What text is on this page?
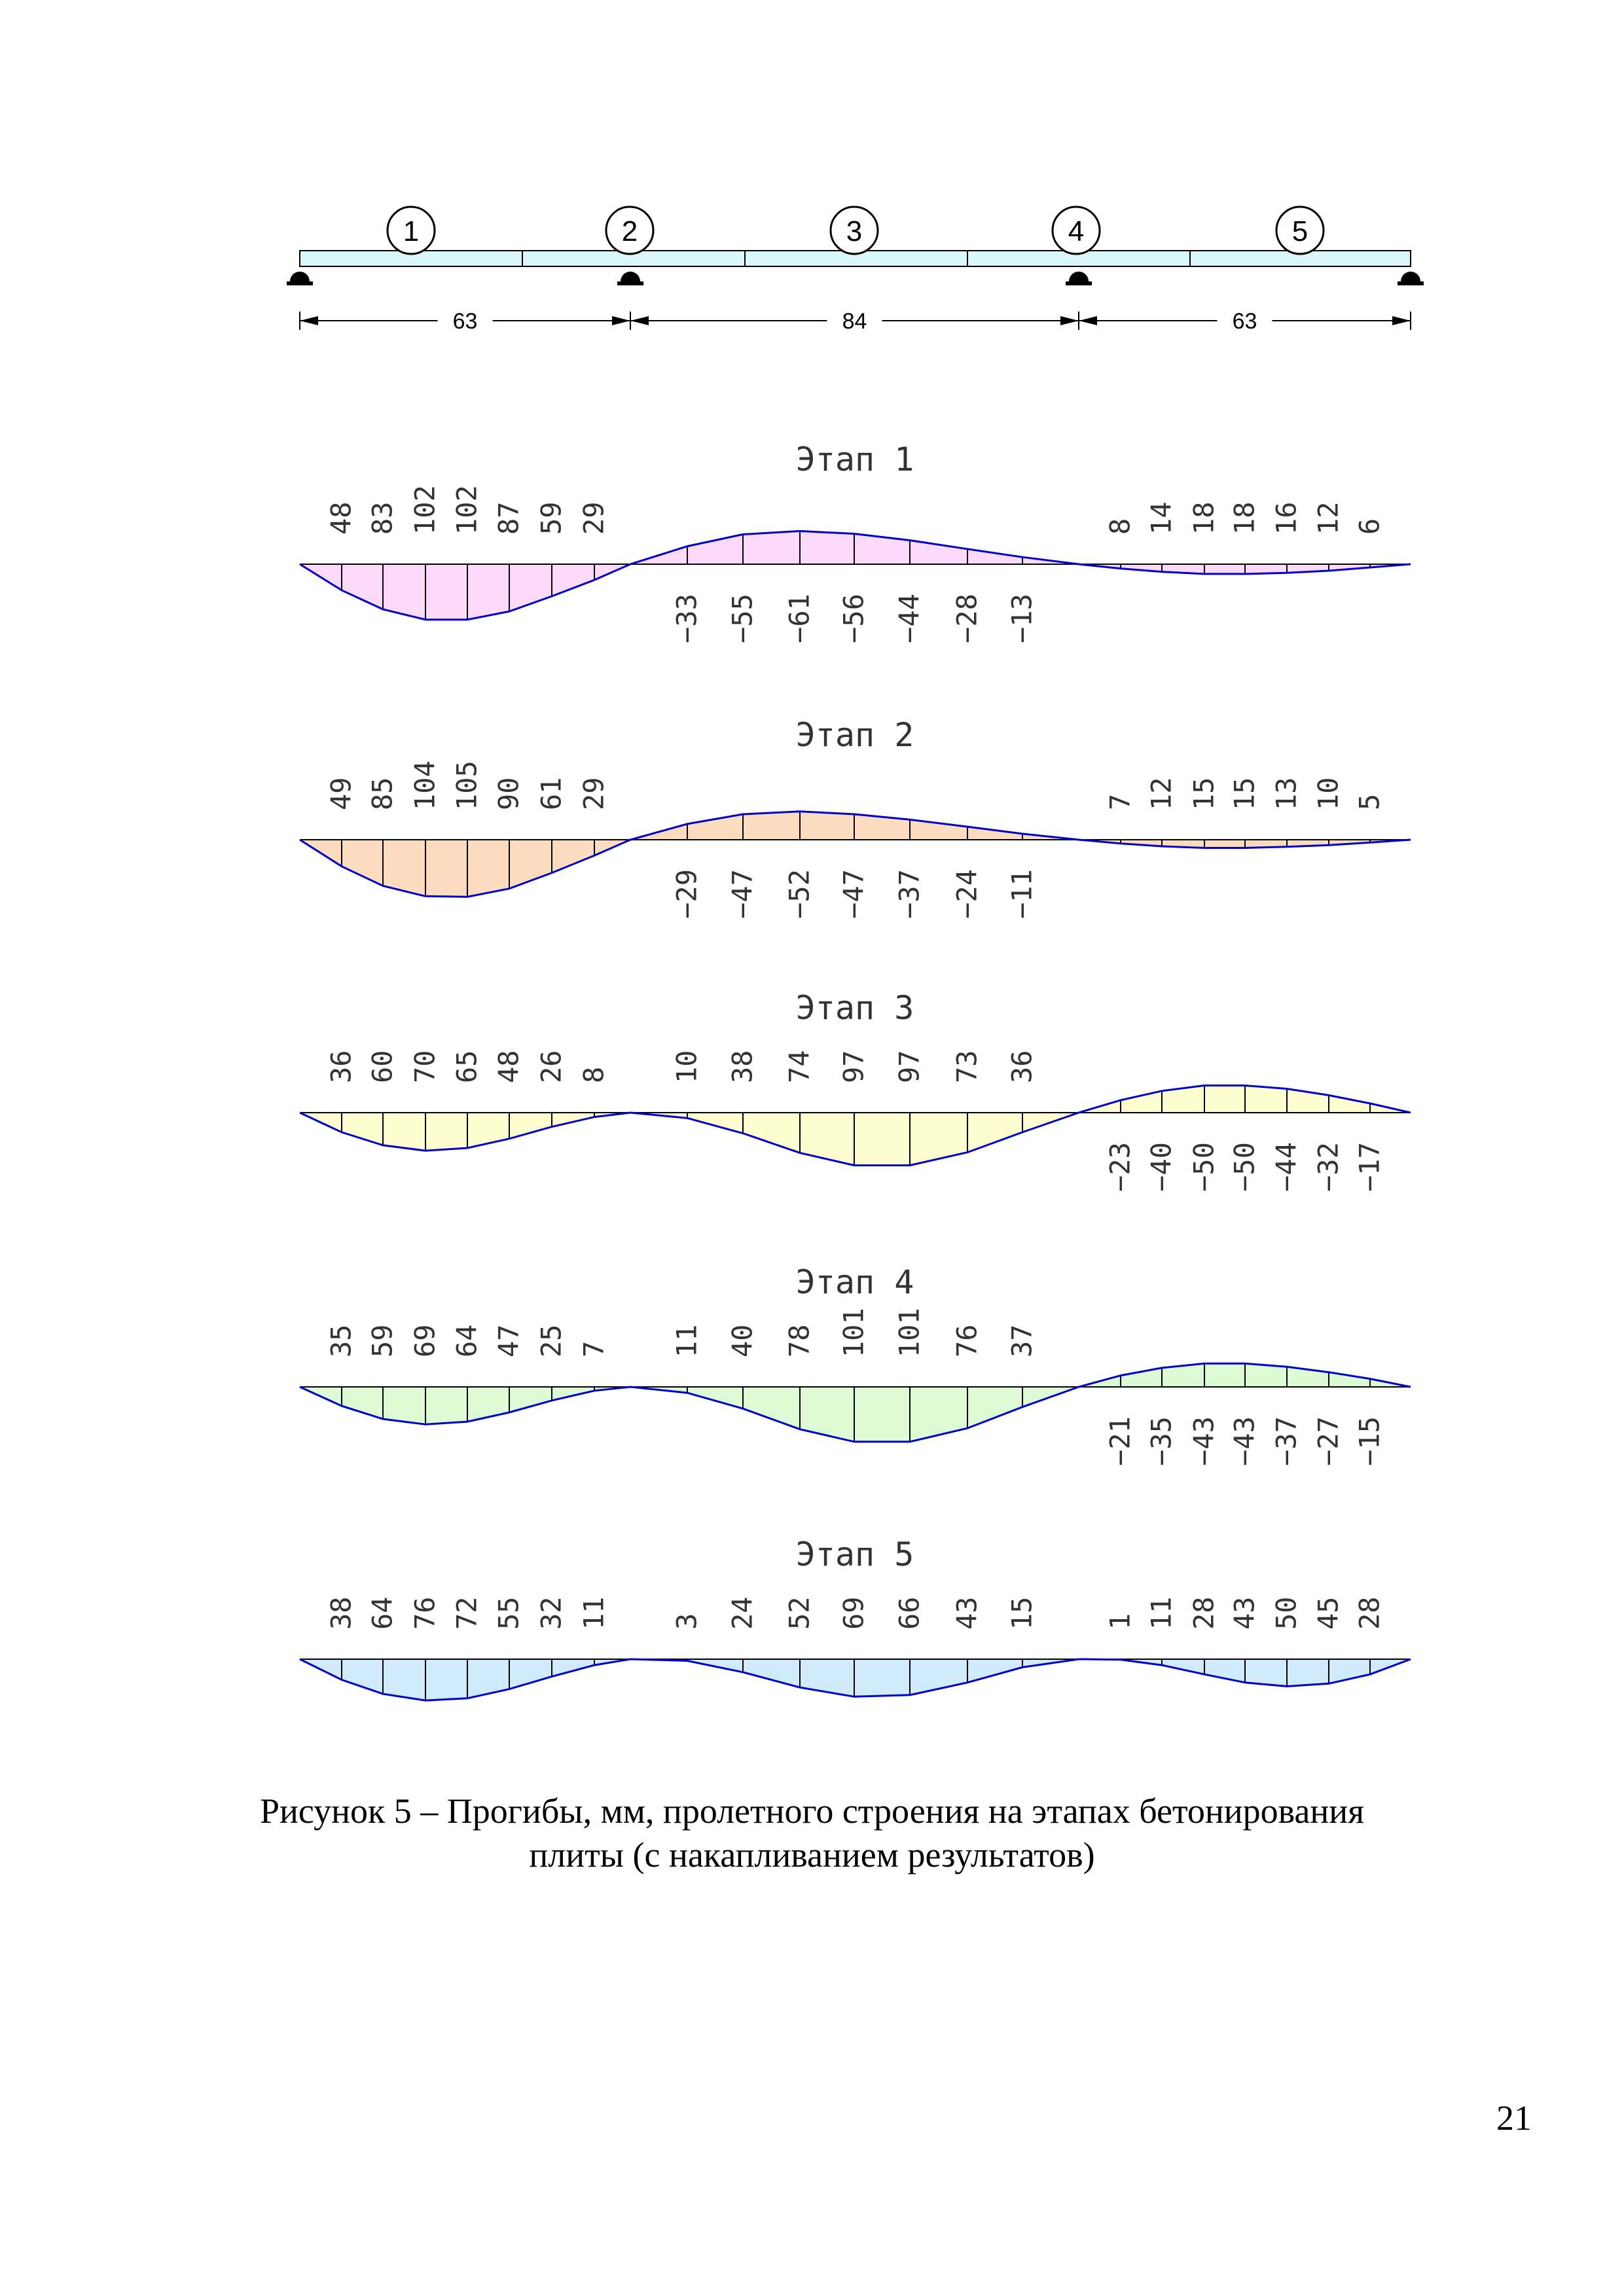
1	2	3	4	5
63	84	63
Этап 1
48 83 102 102 87 59 29
−33 −55 −61 −56 −44 −28 −13
8 14 18 18 16 12 6
Этап 2
49 85 104 105 90 61 29
−29 −47 −52 −47 −37 −24 −11
7 12 15 15 13 10 5
Этап 3
36 60 70 65 48 26 8 10 38 74 97 97 73 36
−23 −40 −50 −50 −44 −32 −17
Этап 4
35 59 69 64 47 25 7 11 40 78 101 101 76 37
−21 −35 −43 −43 −37 −27 −15
Этап 5
38 64 76 72 55 32 11 3 24 52 69 66 43 15 1 11 28 43 50 45 28
Рисунок 5 – Прогибы, мм, пролетного строения на этапах бетонирования
плиты (с накапливанием результатов)
21
